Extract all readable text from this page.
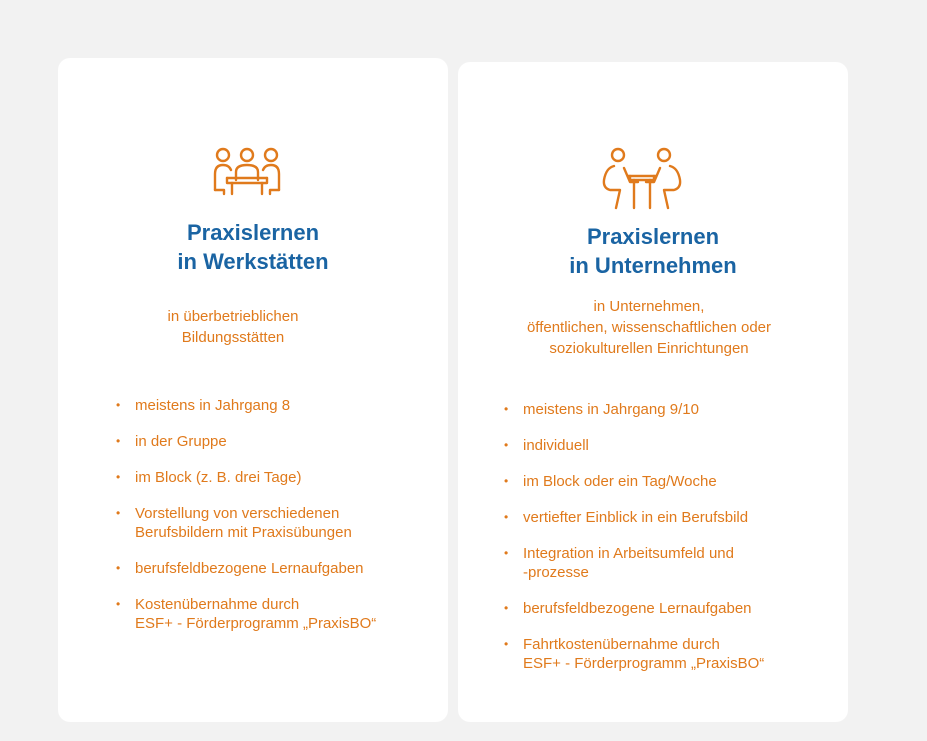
Praxislernen
in Werkstätten
in überbetrieblichen
Bildungsstätten
• meistens in Jahrgang 8
• in der Gruppe
• im Block (z. B. drei Tage)
• Vorstellung von verschiedenen
Berufsbildern mit Praxisübungen
• berufsfeldbezogene Lernaufgaben
• Kostenübernahme durch
ESF+ - Förderprogramm „PraxisBO“
Praxislernen
in Unternehmen
in Unternehmen,
öffentlichen, wissenschaftlichen oder
soziokulturellen Einrichtungen
• meistens in Jahrgang 9/10
• individuell
• im Block oder ein Tag/Woche
• vertiefter Einblick in ein Berufsbild
• Integration in Arbeitsumfeld und
-prozesse
• berufsfeldbezogene Lernaufgaben
• Fahrtkostenübernahme durch
ESF+ - Förderprogramm „PraxisBO“
